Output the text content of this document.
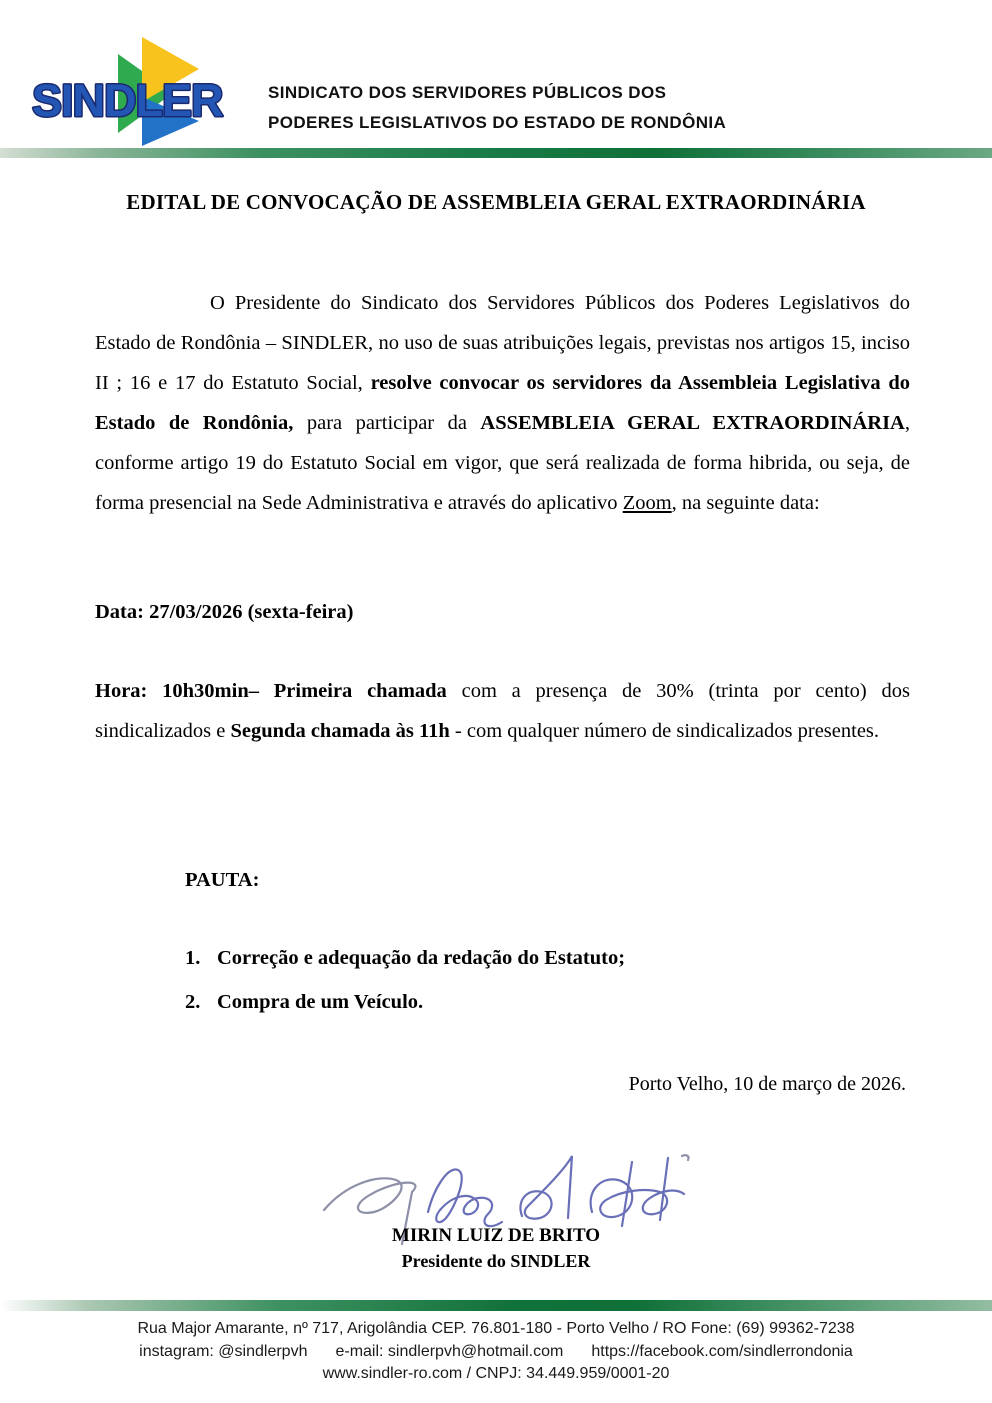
SINDLER	SINDICATO DOS SERVIDORES PÚBLICOS DOS
PODERES LEGISLATIVOS DO ESTADO DE RONDÔNIA
EDITAL DE CONVOCAÇÃO DE ASSEMBLEIA GERAL EXTRAORDINÁRIA
O Presidente do Sindicato dos Servidores Públicos dos Poderes Legislativos do Estado de Rondônia – SINDLER, no uso de suas atribuições legais, previstas nos artigos 15, inciso II ; 16 e 17 do Estatuto Social, resolve convocar os servidores da Assembleia Legislativa do Estado de Rondônia, para participar da ASSEMBLEIA GERAL EXTRAORDINÁRIA, conforme artigo 19 do Estatuto Social em vigor, que será realizada de forma hibrida, ou seja, de forma presencial na Sede Administrativa e através do aplicativo Zoom, na seguinte data:
Data: 27/03/2026 (sexta-feira)
Hora: 10h30min– Primeira chamada com a presença de 30% (trinta por cento) dos sindicalizados e Segunda chamada às 11h - com qualquer número de sindicalizados presentes.
PAUTA:
1. Correção e adequação da redação do Estatuto;
2. Compra de um Veículo.
Porto Velho, 10 de março de 2026.
MIRIN LUIZ DE BRITO
Presidente do SINDLER
Rua Major Amarante, nº 717, Arigolândia CEP. 76.801-180 - Porto Velho / RO Fone: (69) 99362-7238
instagram: @sindlerpvh e-mail: sindlerpvh@hotmail.com https://facebook.com/sindlerrondonia
www.sindler-ro.com / CNPJ: 34.449.959/0001-20
